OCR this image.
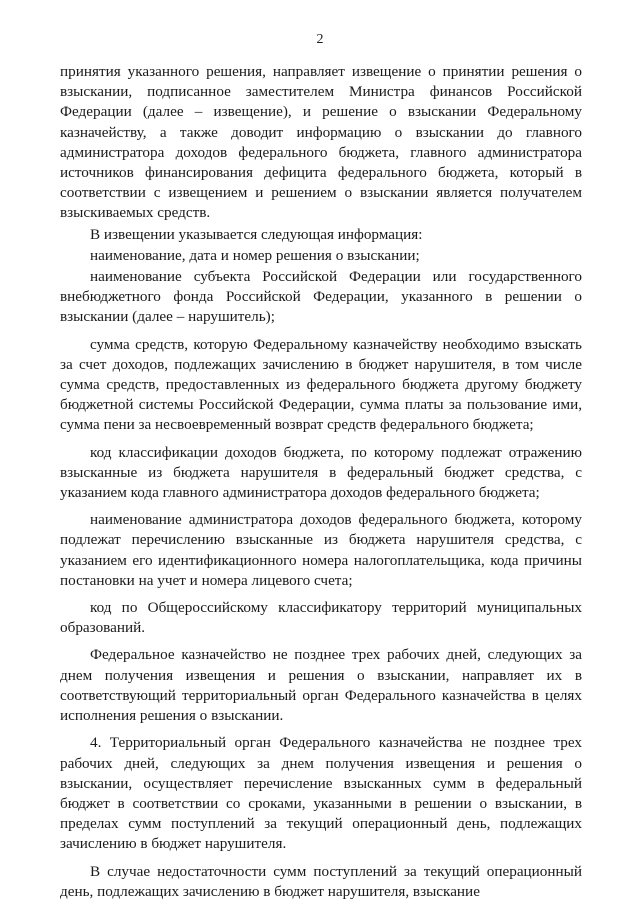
2

принятия указанного решения, направляет извещение о принятии решения о взыскании, подписанное заместителем Министра финансов Российской Федерации (далее – извещение), и решение о взыскании Федеральному казначейству, а также доводит информацию о взыскании до главного администратора доходов федерального бюджета, главного администратора источников финансирования дефицита федерального бюджета, который в соответствии с извещением и решением о взыскании является получателем взыскиваемых средств.

В извещении указывается следующая информация:

наименование, дата и номер решения о взыскании;

наименование субъекта Российской Федерации или государственного внебюджетного фонда Российской Федерации, указанного в решении о взыскании (далее – нарушитель);

сумма средств, которую Федеральному казначейству необходимо взыскать за счет доходов, подлежащих зачислению в бюджет нарушителя, в том числе сумма средств, предоставленных из федерального бюджета другому бюджету бюджетной системы Российской Федерации, сумма платы за пользование ими, сумма пени за несвоевременный возврат средств федерального бюджета;

код классификации доходов бюджета, по которому подлежат отражению взысканные из бюджета нарушителя в федеральный бюджет средства, с указанием кода главного администратора доходов федерального бюджета;

наименование администратора доходов федерального бюджета, которому подлежат перечислению взысканные из бюджета нарушителя средства, с указанием его идентификационного номера налогоплательщика, кода причины постановки на учет и номера лицевого счета;

код по Общероссийскому классификатору территорий муниципальных образований.

Федеральное казначейство не позднее трех рабочих дней, следующих за днем получения извещения и решения о взыскании, направляет их в соответствующий территориальный орган Федерального казначейства в целях исполнения решения о взыскании.

4. Территориальный орган Федерального казначейства не позднее трех рабочих дней, следующих за днем получения извещения и решения о взыскании, осуществляет перечисление взысканных сумм в федеральный бюджет в соответствии со сроками, указанными в решении о взыскании, в пределах сумм поступлений за текущий операционный день, подлежащих зачислению в бюджет нарушителя.

В случае недостаточности сумм поступлений за текущий операционный день, подлежащих зачислению в бюджет нарушителя, взыскание
